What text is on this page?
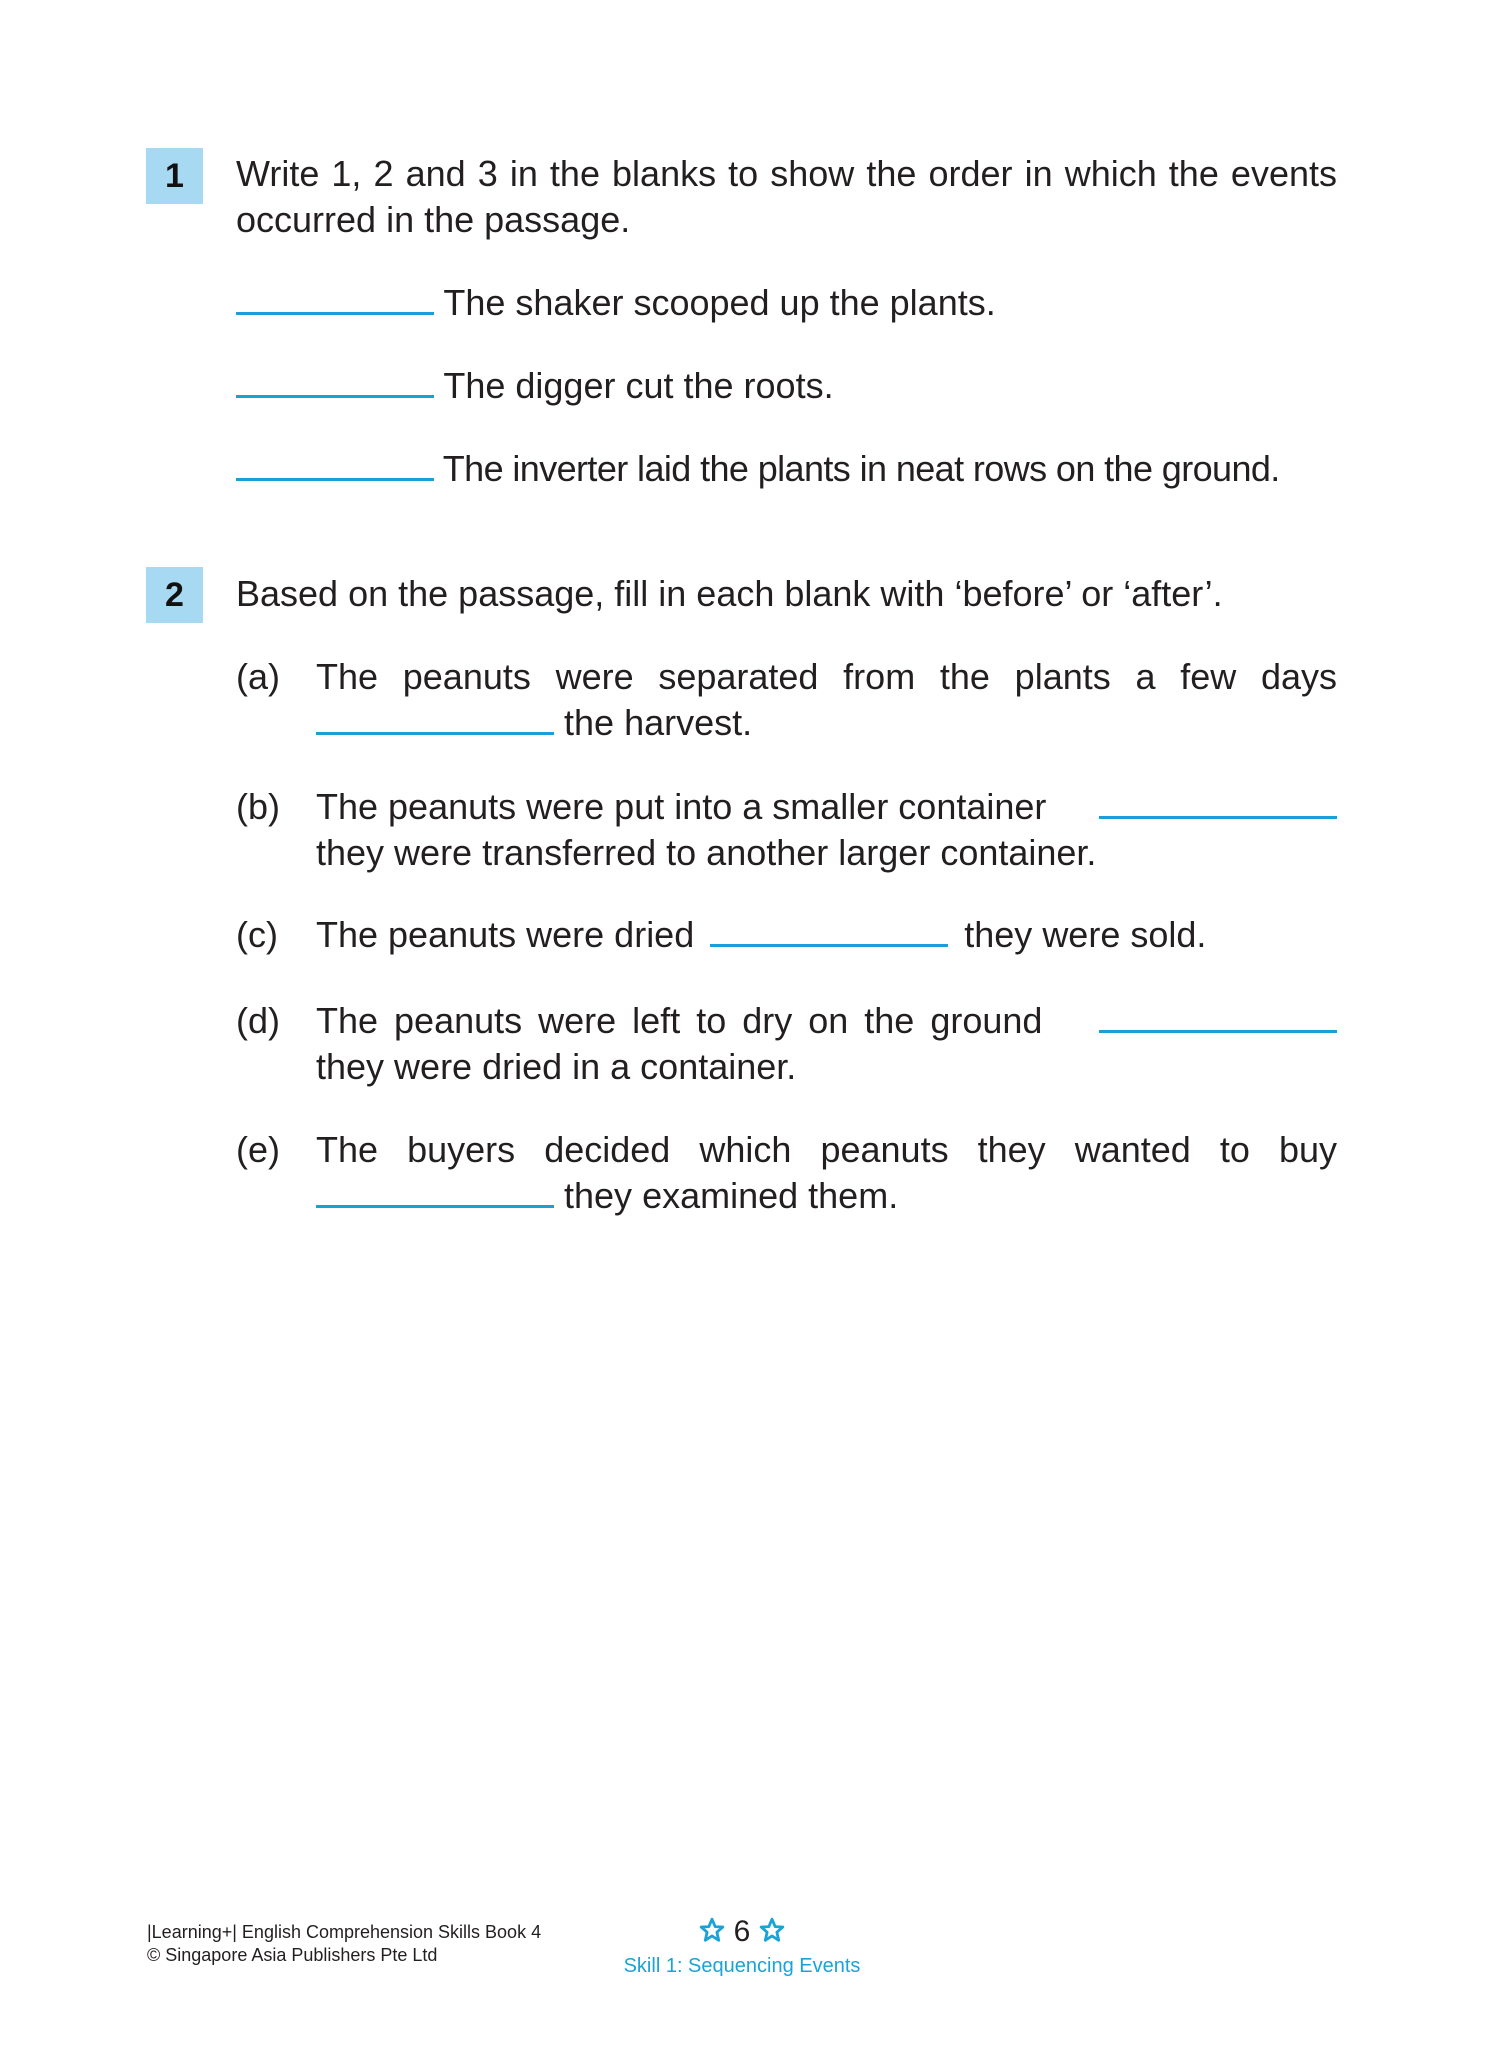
1	Write 1, 2 and 3 in the blanks to show the order in which the events occurred in the passage.
The shaker scooped up the plants.
The digger cut the roots.
The inverter laid the plants in neat rows on the ground.
2	Based on the passage, fill in each blank with ‘before’ or ‘after’.
(a) The peanuts were separated from the plants a few days
the harvest.
(b) The peanuts were put into a smaller container
they were transferred to another larger container.
(c) The peanuts were dried	they were sold.
(d) The peanuts were left to dry on the ground
they were dried in a container.
(e) The buyers decided which peanuts they wanted to buy
they examined them.
|Learning+| English Comprehension Skills Book 4
© Singapore Asia Publishers Pte Ltd
6
Skill 1: Sequencing Events
